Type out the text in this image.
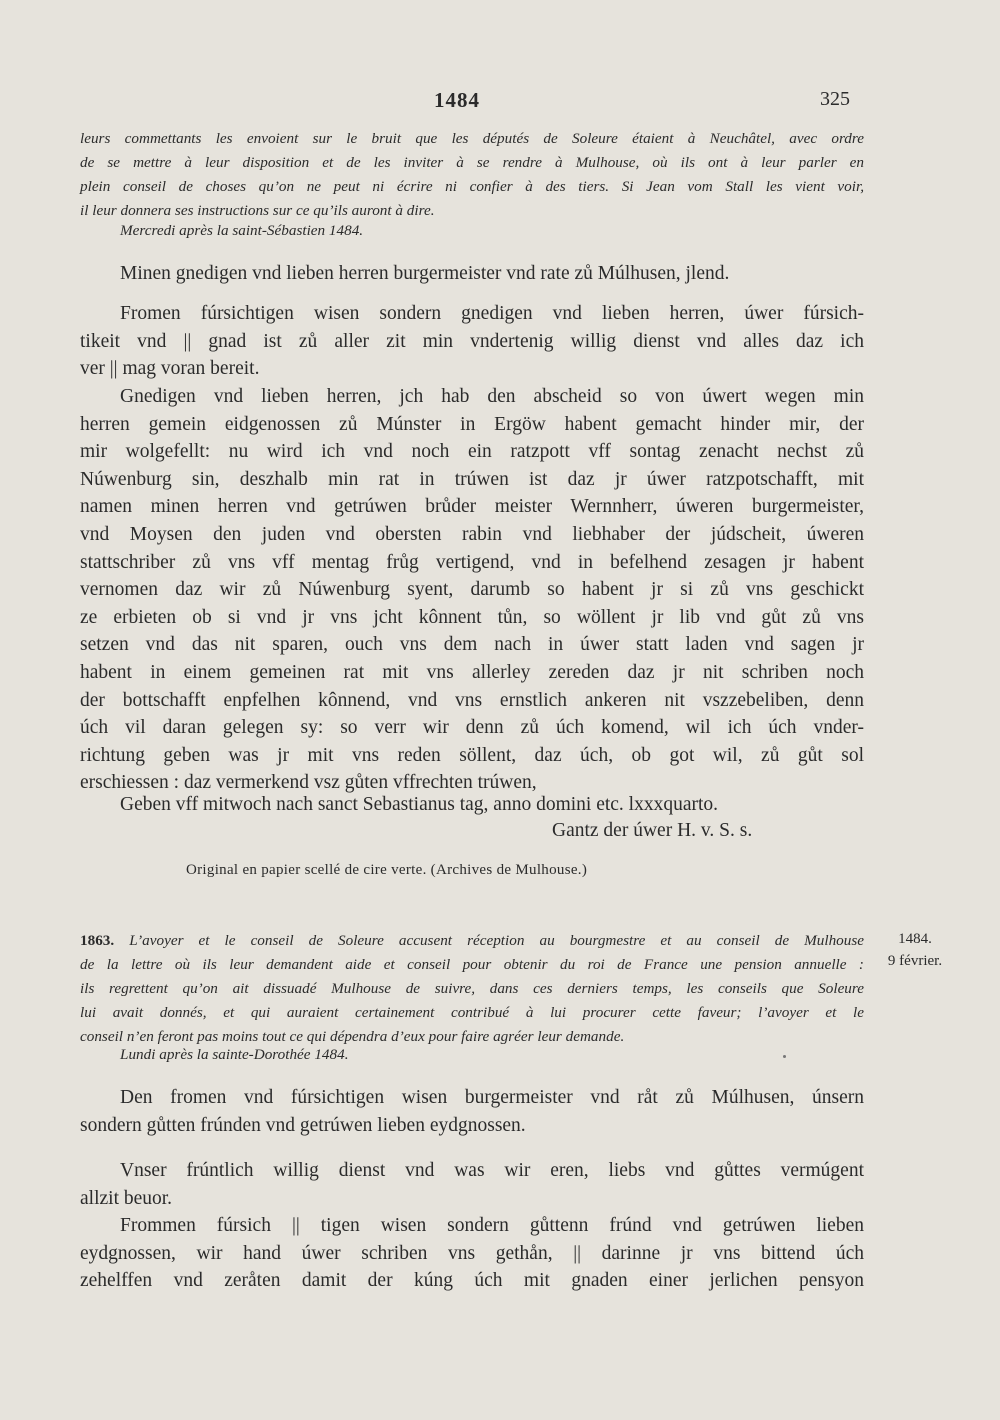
1484	325
leurs commettants les envoient sur le bruit que les députés de Soleure étaient à Neuchâtel, avec ordre
de se mettre à leur disposition et de les inviter à se rendre à Mulhouse, où ils ont à leur parler en
plein conseil de choses qu’on ne peut ni écrire ni confier à des tiers. Si Jean vom Stall les vient voir,
il leur donnera ses instructions sur ce qu’ils auront à dire.
Mercredi après la saint-Sébastien 1484.
Minen gnedigen vnd lieben herren burgermeister vnd rate zů Múlhusen, jlend.
Fromen fúrsichtigen wisen sondern gnedigen vnd lieben herren, úwer fúrsich-
tikeit vnd || gnad ist zů aller zit min vndertenig willig dienst vnd alles daz ich
ver || mag voran bereit.
Gnedigen vnd lieben herren, jch hab den abscheid so von úwert wegen min
herren gemein eidgenossen zů Múnster in Ergöw habent gemacht hinder mir, der
mir wolgefellt: nu wird ich vnd noch ein ratzpott vff sontag zenacht nechst zů
Núwenburg sin, deszhalb min rat in trúwen ist daz jr úwer ratzpotschafft, mit
namen minen herren vnd getrúwen brůder meister Wernnherr, úweren burgermeister,
vnd Moysen den juden vnd obersten rabin vnd liebhaber der júdscheit, úweren
stattschriber zů vns vff mentag frůg vertigend, vnd in befelhend zesagen jr habent
vernomen daz wir zů Núwenburg syent, darumb so habent jr si zů vns geschickt
ze erbieten ob si vnd jr vns jcht kônnent tůn, so wöllent jr lib vnd gůt zů vns
setzen vnd das nit sparen, ouch vns dem nach in úwer statt laden vnd sagen jr
habent in einem gemeinen rat mit vns allerley zereden daz jr nit schriben noch
der bottschafft enpfelhen kônnend, vnd vns ernstlich ankeren nit vszzebeliben, denn
úch vil daran gelegen sy: so verr wir denn zů úch komend, wil ich úch vnder-
richtung geben was jr mit vns reden söllent, daz úch, ob got wil, zů gůt sol
erschiessen : daz vermerkend vsz gůten vffrechten trúwen,
Geben vff mitwoch nach sanct Sebastianus tag, anno domini etc. lxxxquarto.
Gantz der úwer H. v. S. s.
Original en papier scellé de cire verte. (Archives de Mulhouse.)
1863. L’avoyer et le conseil de Soleure accusent réception au bourgmestre et au conseil de Mulhouse
de la lettre où ils leur demandent aide et conseil pour obtenir du roi de France une pension annuelle :
ils regrettent qu’on ait dissuadé Mulhouse de suivre, dans ces derniers temps, les conseils que Soleure
lui avait donnés, et qui auraient certainement contribué à lui procurer cette faveur; l’avoyer et le
conseil n’en feront pas moins tout ce qui dépendra d’eux pour faire agréer leur demande.
Lundi après la sainte-Dorothée 1484.
1484.
9 février.
Den fromen vnd fúrsichtigen wisen burgermeister vnd råt zů Múlhusen, únsern
sondern gůtten frúnden vnd getrúwen lieben eydgnossen.
Vnser frúntlich willig dienst vnd was wir eren, liebs vnd gůttes vermúgent
allzit beuor.
Frommen fúrsich || tigen wisen sondern gůttenn frúnd vnd getrúwen lieben
eydgnossen, wir hand úwer schriben vns gethån, || darinne jr vns bittend úch
zehelffen vnd zeråten damit der kúng úch mit gnaden einer jerlichen pensyon
